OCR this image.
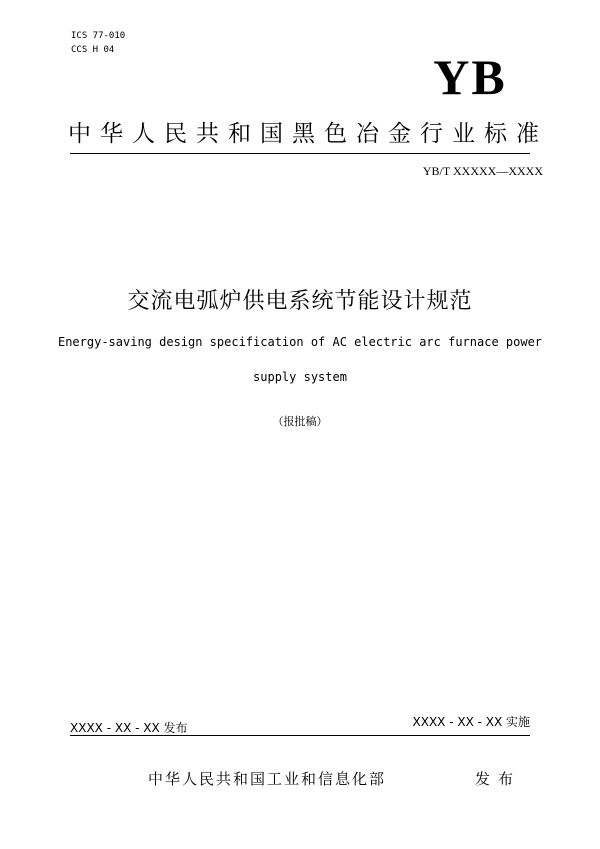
ICS 77-010
CCS H 04	YB
中华人民共和国黑色冶金行业标准
YB/T XXXXX—XXXX
交流电弧炉供电系统节能设计规范
Energy-saving design specification of AC electric arc furnace power
supply system
（报批稿）
XXXX - XX - XX 发布	XXXX - XX - XX 实施
中华人民共和国工业和信息化部	发布
